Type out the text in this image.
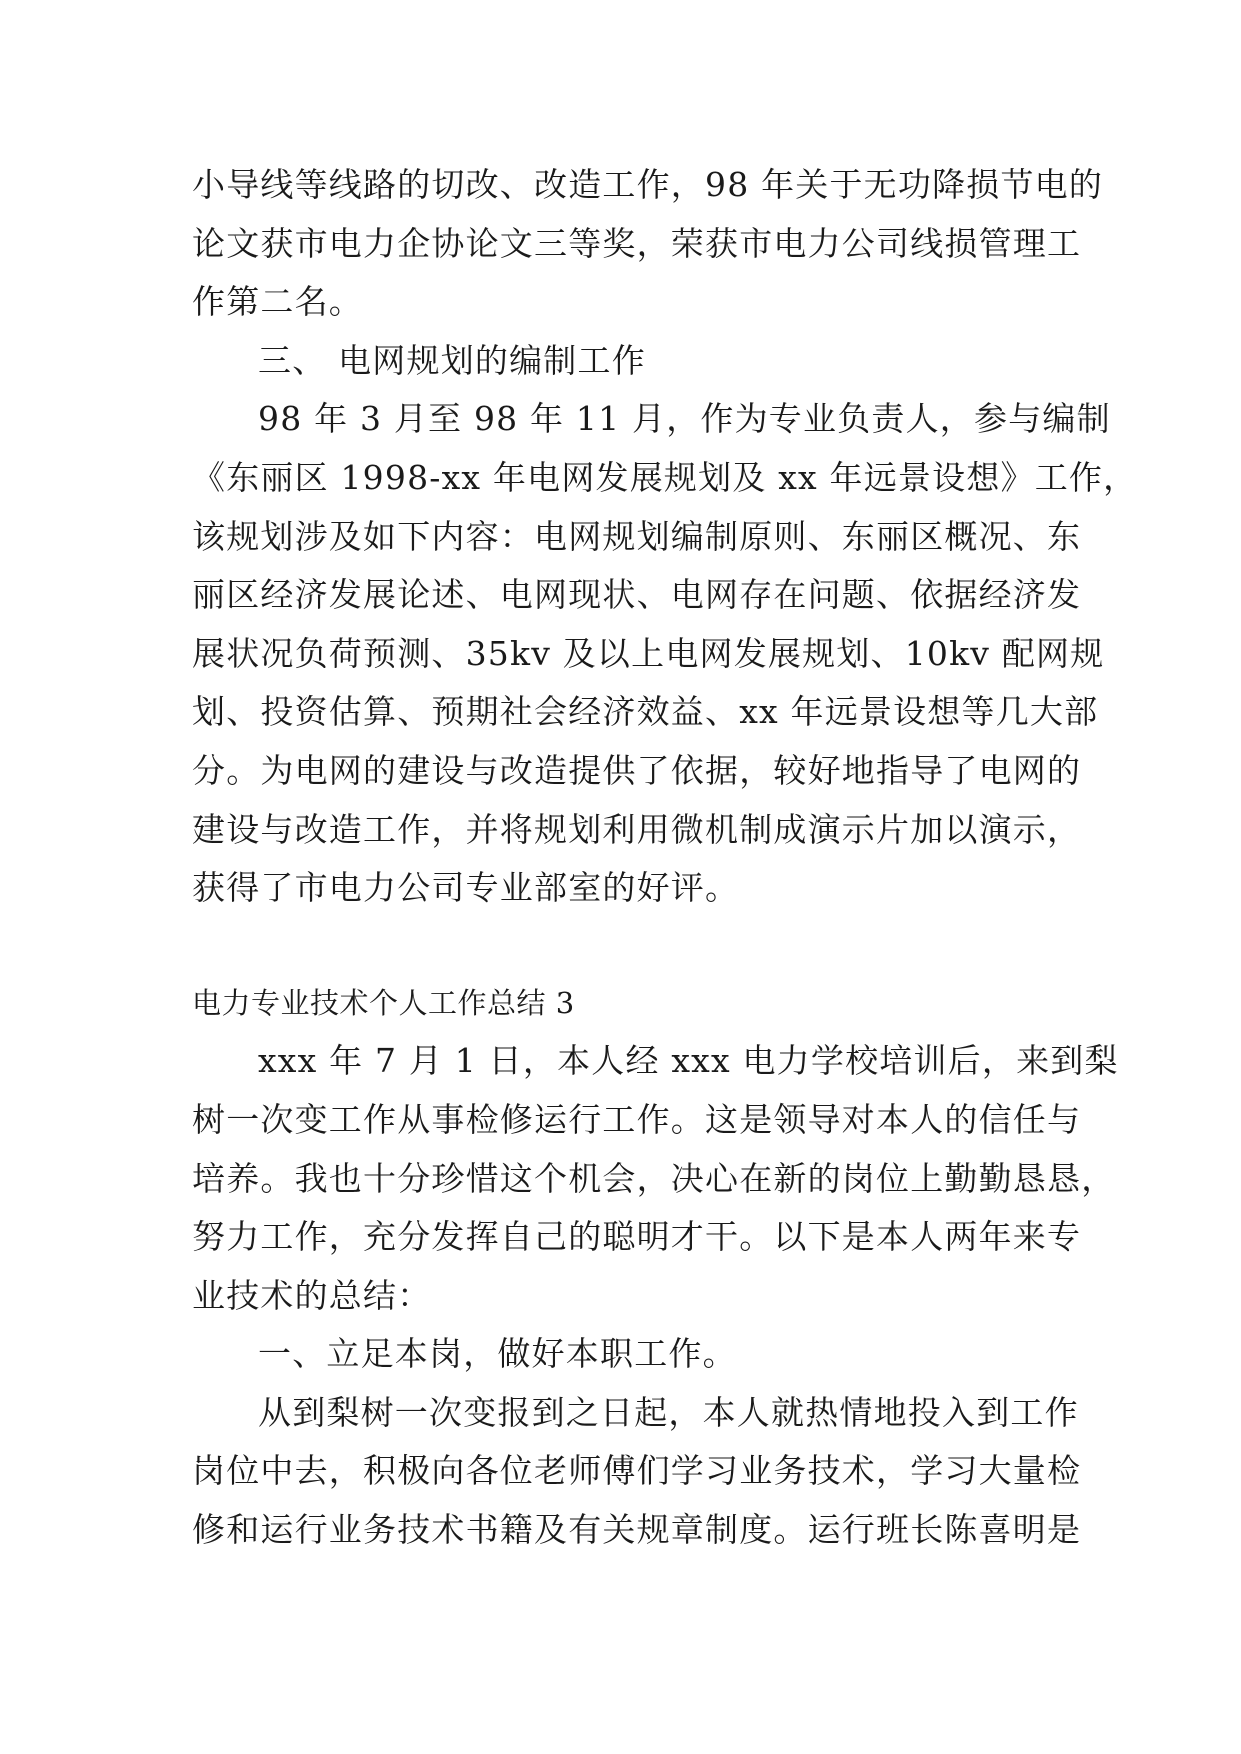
小导线等线路的切改、改造工作，98 年关于无功降损节电的

论文获市电力企协论文三等奖，荣获市电力公司线损管理工

作第二名。

三、 电网规划的编制工作

98 年 3 月至 98 年 11 月，作为专业负责人，参与编制

《东丽区 1998-xx 年电网发展规划及 xx 年远景设想》工作，

该规划涉及如下内容：电网规划编制原则、东丽区概况、东

丽区经济发展论述、电网现状、电网存在问题、依据经济发

展状况负荷预测、35kv 及以上电网发展规划、10kv 配网规

划、投资估算、预期社会经济效益、xx 年远景设想等几大部

分。为电网的建设与改造提供了依据，较好地指导了电网的

建设与改造工作，并将规划利用微机制成演示片加以演示，

获得了市电力公司专业部室的好评。

电力专业技术个人工作总结 3

xxx 年 7 月 1 日，本人经 xxx 电力学校培训后，来到梨

树一次变工作从事检修运行工作。这是领导对本人的信任与

培养。我也十分珍惜这个机会，决心在新的岗位上勤勤恳恳，

努力工作，充分发挥自己的聪明才干。以下是本人两年来专

业技术的总结：

一、立足本岗，做好本职工作。

从到梨树一次变报到之日起，本人就热情地投入到工作

岗位中去，积极向各位老师傅们学习业务技术，学习大量检

修和运行业务技术书籍及有关规章制度。运行班长陈喜明是
